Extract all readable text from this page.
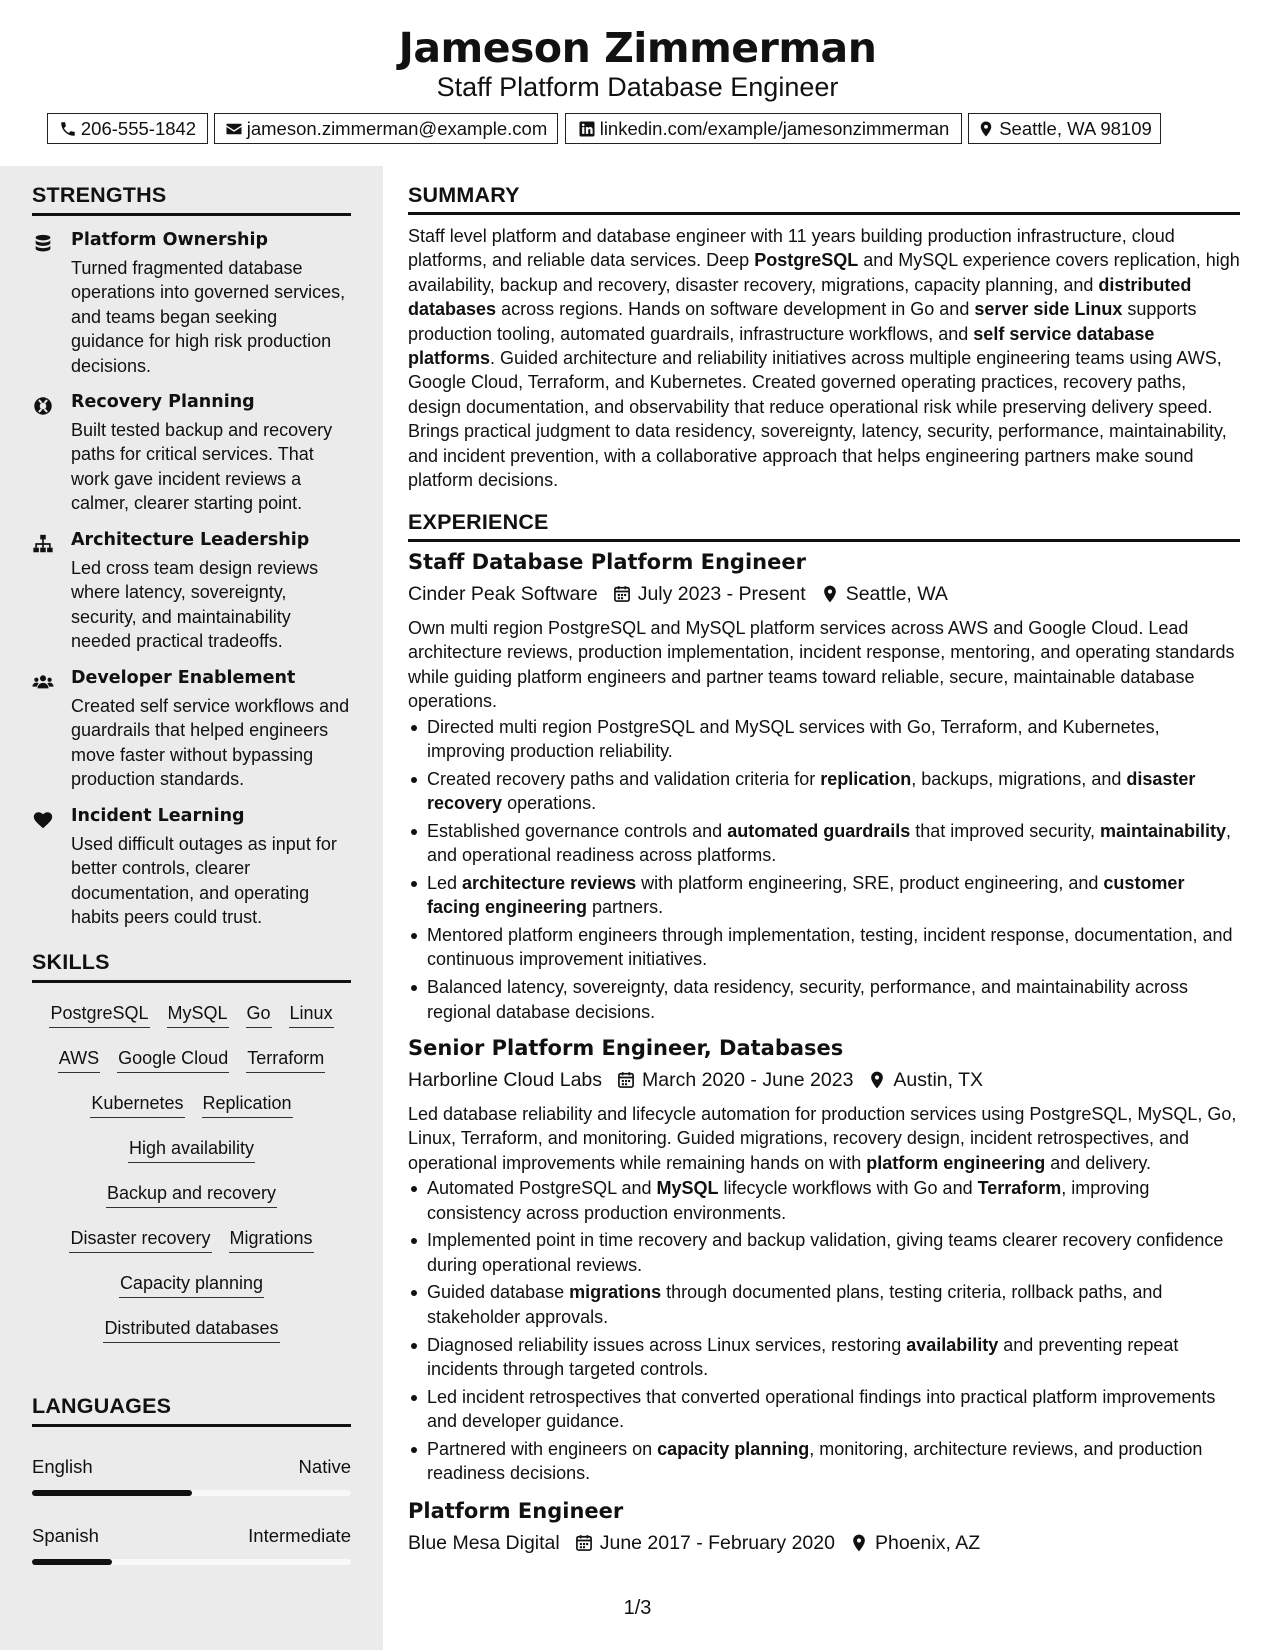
Jameson Zimmerman
Staff Platform Database Engineer
206-555-1842	jameson.zimmerman@example.com	linkedin.com/example/jamesonzimmerman	Seattle, WA 98109
STRENGTHS
Platform Ownership
Turned fragmented database operations into governed services, and teams began seeking guidance for high risk production decisions.
Recovery Planning
Built tested backup and recovery paths for critical services. That work gave incident reviews a calmer, clearer starting point.
Architecture Leadership
Led cross team design reviews where latency, sovereignty, security, and maintainability needed practical tradeoffs.
Developer Enablement
Created self service workflows and guardrails that helped engineers move faster without bypassing production standards.
Incident Learning
Used difficult outages as input for better controls, clearer documentation, and operating habits peers could trust.
SKILLS
PostgreSQL MySQL Go Linux
AWS Google Cloud Terraform
Kubernetes Replication
High availability
Backup and recovery
Disaster recovery Migrations
Capacity planning
Distributed databases
LANGUAGES
English	Native
Spanish	Intermediate
SUMMARY
Staff level platform and database engineer with 11 years building production infrastructure, cloud platforms, and reliable data services. Deep PostgreSQL and MySQL experience covers replication, high availability, backup and recovery, disaster recovery, migrations, capacity planning, and distributed databases across regions. Hands on software development in Go and server side Linux supports production tooling, automated guardrails, infrastructure workflows, and self service database platforms. Guided architecture and reliability initiatives across multiple engineering teams using AWS, Google Cloud, Terraform, and Kubernetes. Created governed operating practices, recovery paths, design documentation, and observability that reduce operational risk while preserving delivery speed. Brings practical judgment to data residency, sovereignty, latency, security, performance, maintainability, and incident prevention, with a collaborative approach that helps engineering partners make sound platform decisions.
EXPERIENCE
Staff Database Platform Engineer
Cinder Peak Software July 2023 - Present Seattle, WA
Own multi region PostgreSQL and MySQL platform services across AWS and Google Cloud. Lead architecture reviews, production implementation, incident response, mentoring, and operating standards while guiding platform engineers and partner teams toward reliable, secure, maintainable database operations.
Directed multi region PostgreSQL and MySQL services with Go, Terraform, and Kubernetes, improving production reliability.
Created recovery paths and validation criteria for replication, backups, migrations, and disaster recovery operations.
Established governance controls and automated guardrails that improved security, maintainability, and operational readiness across platforms.
Led architecture reviews with platform engineering, SRE, product engineering, and customer facing engineering partners.
Mentored platform engineers through implementation, testing, incident response, documentation, and continuous improvement initiatives.
Balanced latency, sovereignty, data residency, security, performance, and maintainability across regional database decisions.
Senior Platform Engineer, Databases
Harborline Cloud Labs March 2020 - June 2023 Austin, TX
Led database reliability and lifecycle automation for production services using PostgreSQL, MySQL, Go, Linux, Terraform, and monitoring. Guided migrations, recovery design, incident retrospectives, and operational improvements while remaining hands on with platform engineering and delivery.
Automated PostgreSQL and MySQL lifecycle workflows with Go and Terraform, improving consistency across production environments.
Implemented point in time recovery and backup validation, giving teams clearer recovery confidence during operational reviews.
Guided database migrations through documented plans, testing criteria, rollback paths, and stakeholder approvals.
Diagnosed reliability issues across Linux services, restoring availability and preventing repeat incidents through targeted controls.
Led incident retrospectives that converted operational findings into practical platform improvements and developer guidance.
Partnered with engineers on capacity planning, monitoring, architecture reviews, and production readiness decisions.
Platform Engineer
Blue Mesa Digital June 2017 - February 2020 Phoenix, AZ
1/3
